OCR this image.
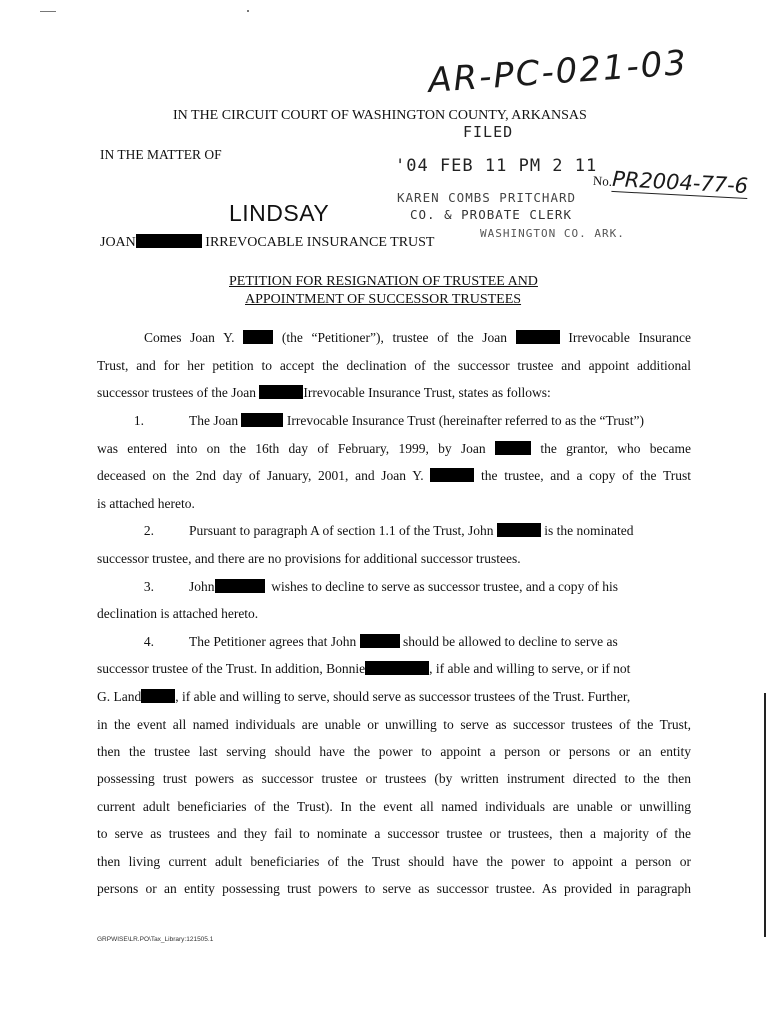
AR-PC-021-03
IN THE CIRCUIT COURT OF WASHINGTON COUNTY, ARKANSAS
FILED
'04 FEB 11 PM 2 11
IN THE MATTER OF
No.PR2004-77-6
KAREN COMBS PRITCHARD
CO. & PROBATE CLERK
WASHINGTON CO. ARK.
LINDSAY
JOAN	IRREVOCABLE INSURANCE TRUST
PETITION FOR RESIGNATION OF TRUSTEE AND
APPOINTMENT OF SUCCESSOR TRUSTEES
Comes Joan Y.	(the “Petitioner”), trustee of the Joan	Irrevocable Insurance
Trust, and for her petition to accept the declination of the successor trustee and appoint additional
successor trustees of the Joan	Irrevocable Insurance Trust, states as follows:
1.	The Joan	Irrevocable Insurance Trust (hereinafter referred to as the “Trust”)
was entered into on the 16th day of February, 1999, by Joan	the grantor, who became
deceased on the 2nd day of January, 2001, and Joan Y.	the trustee, and a copy of the Trust
is attached hereto.
2.	Pursuant to paragraph A of section 1.1 of the Trust, John	is the nominated
successor trustee, and there are no provisions for additional successor trustees.
3.	John	wishes to decline to serve as successor trustee, and a copy of his
declination is attached hereto.
4.	The Petitioner agrees that John	should be allowed to decline to serve as
successor trustee of the Trust. In addition, Bonnie	, if able and willing to serve, or if not
G. Land	, if able and willing to serve, should serve as successor trustees of the Trust. Further,
in the event all named individuals are unable or unwilling to serve as successor trustees of the Trust,
then the trustee last serving should have the power to appoint a person or persons or an entity
possessing trust powers as successor trustee or trustees (by written instrument directed to the then
current adult beneficiaries of the Trust). In the event all named individuals are unable or unwilling
to serve as trustees and they fail to nominate a successor trustee or trustees, then a majority of the
then living current adult beneficiaries of the Trust should have the power to appoint a person or
persons or an entity possessing trust powers to serve as successor trustee. As provided in paragraph
GRPWISE\LR.PO\Tax_Library:121505.1
